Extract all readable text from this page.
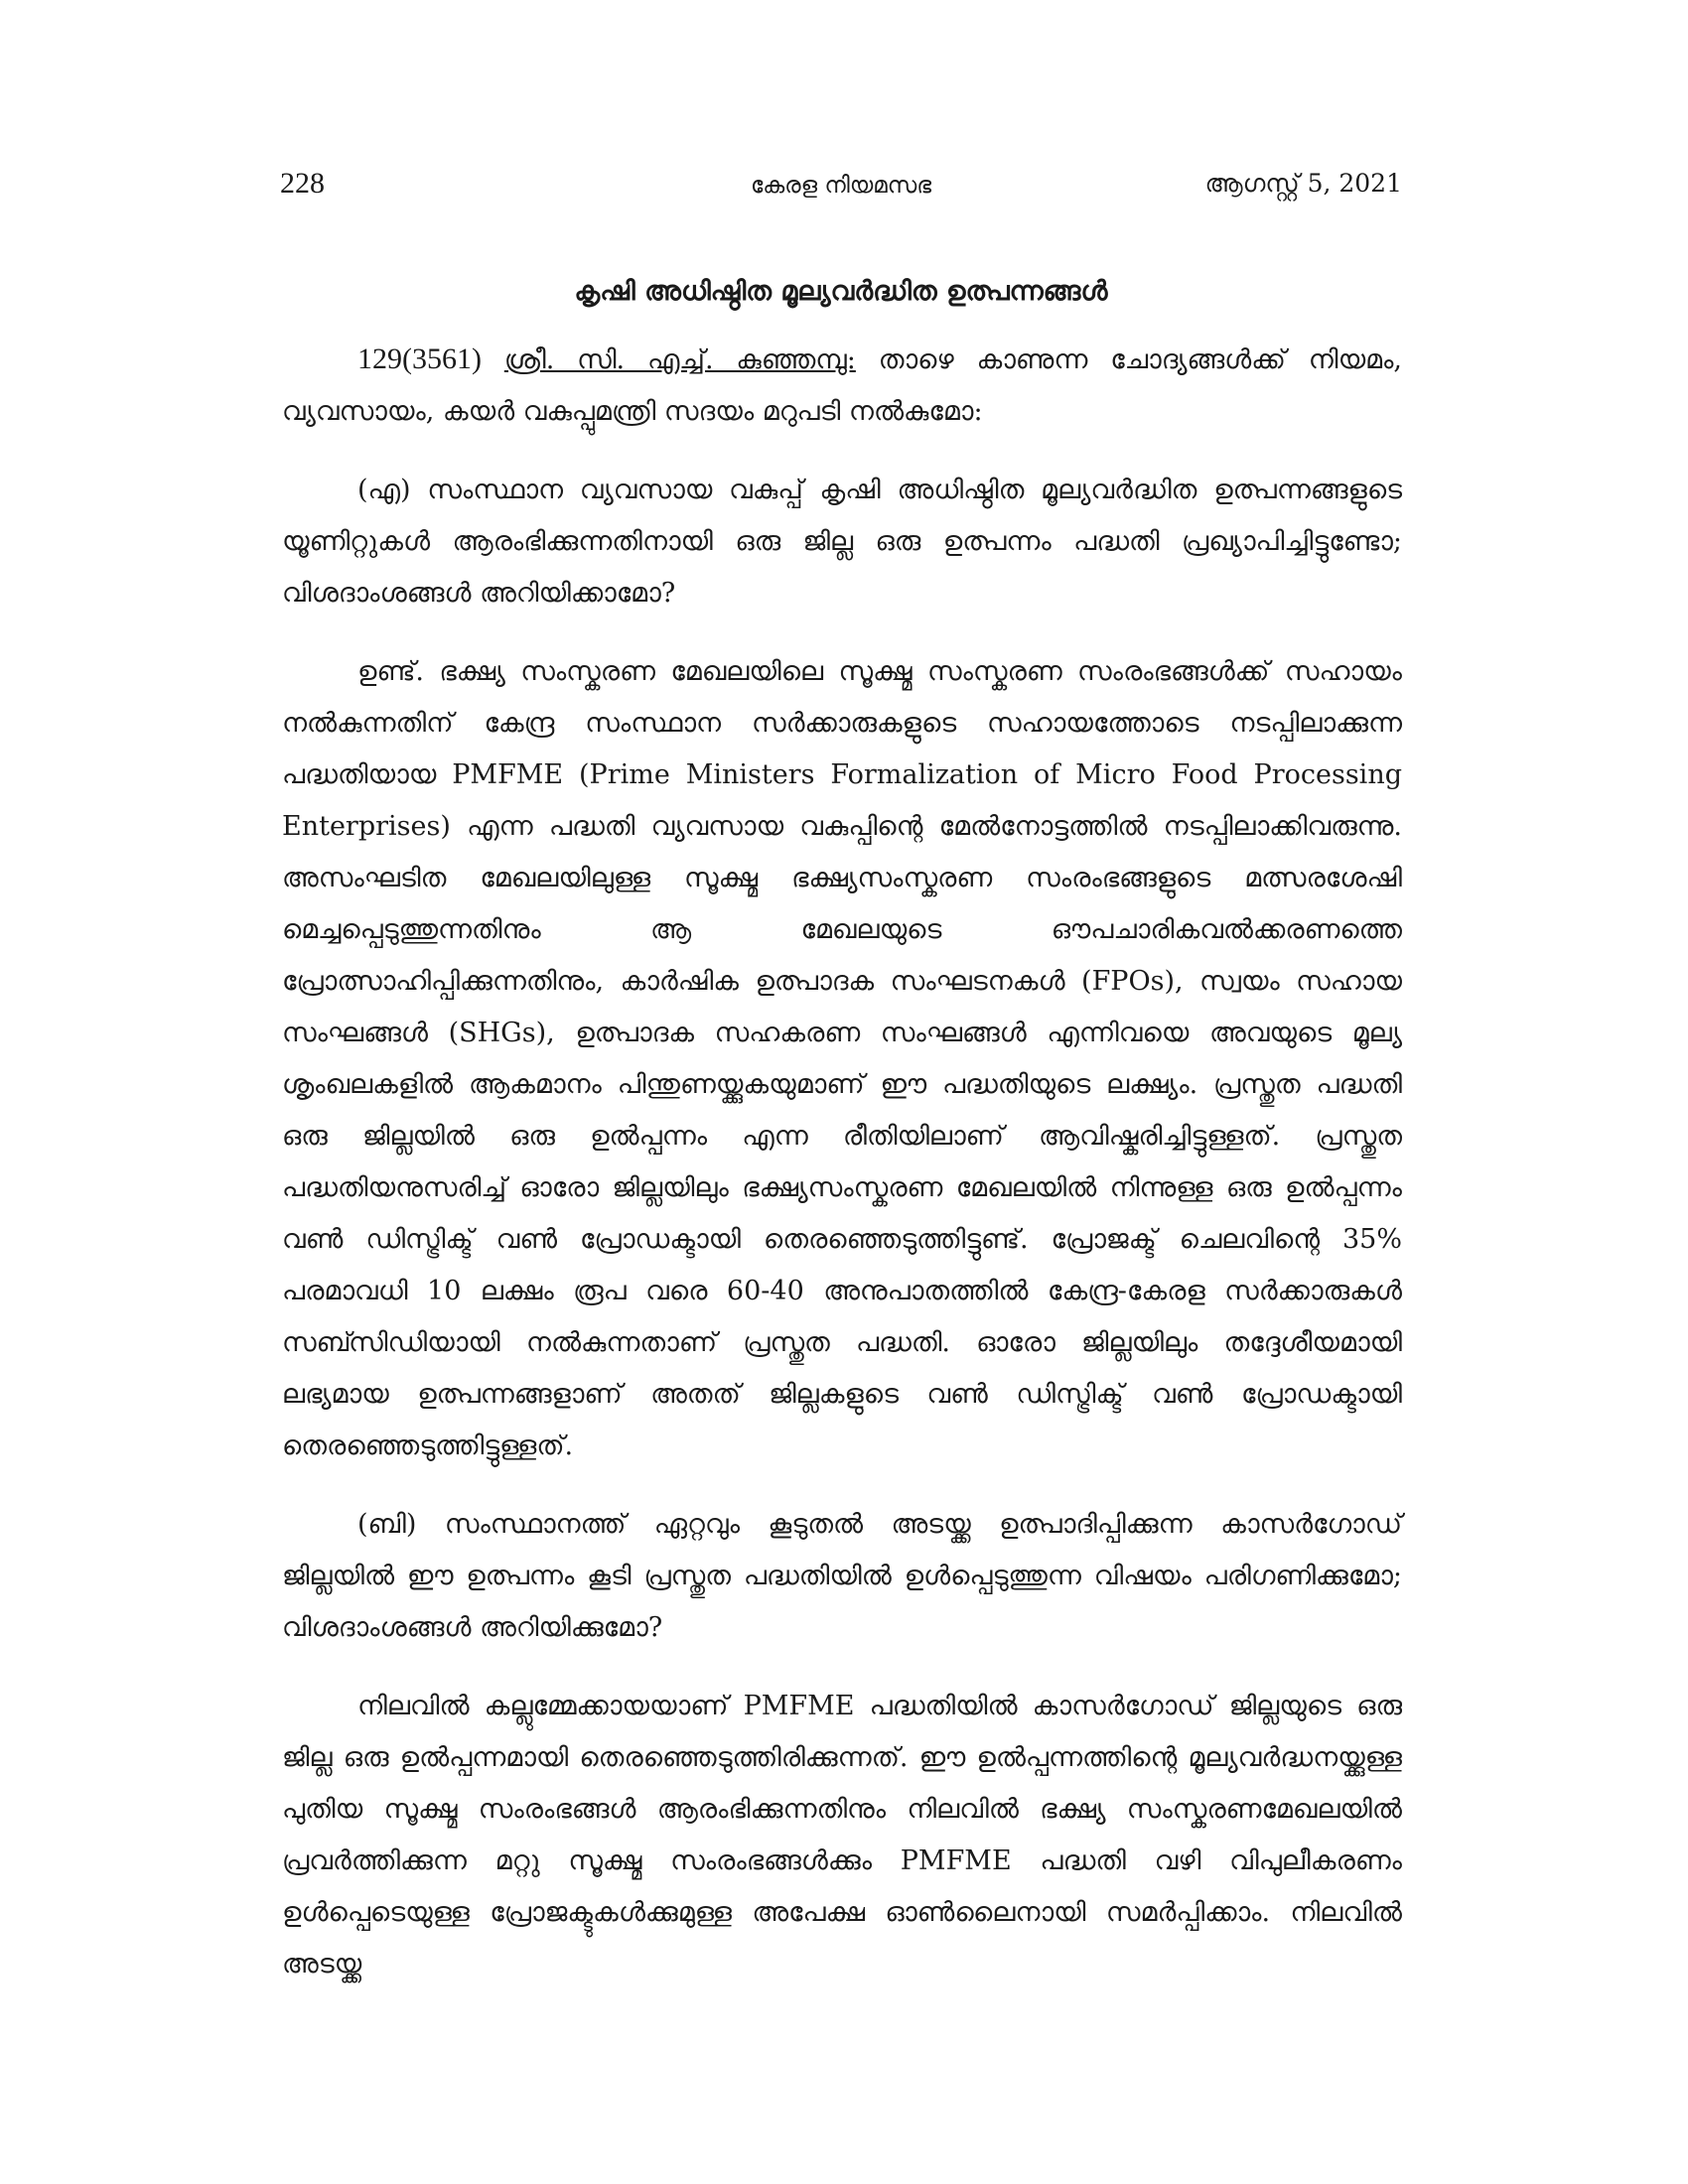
228	കേരള നിയമസഭ	ആഗസ്റ്റ് 5, 2021
കൃഷി അധിഷ്ഠിത മൂല്യവർദ്ധിത ഉത്പന്നങ്ങൾ

129(3561) ശ്രീ. സി. എച്ച്. കുഞ്ഞമ്പു: താഴെ കാണുന്ന ചോദ്യങ്ങൾക്ക് നിയമം, വ്യവസായം, കയർ വകുപ്പുമന്ത്രി സദയം മറുപടി നൽകുമോ:

(എ) സംസ്ഥാന വ്യവസായ വകുപ്പ് കൃഷി അധിഷ്ഠിത മൂല്യവർദ്ധിത ഉത്പന്നങ്ങളുടെ യൂണിറ്റുകൾ ആരംഭിക്കുന്നതിനായി ഒരു ജില്ല ഒരു ഉത്പന്നം പദ്ധതി പ്രഖ്യാപിച്ചിട്ടുണ്ടോ; വിശദാംശങ്ങൾ അറിയിക്കാമോ?

ഉണ്ട്. ഭക്ഷ്യ സംസ്കരണ മേഖലയിലെ സൂക്ഷ്മ സംസ്കരണ സംരംഭങ്ങൾക്ക് സഹായം നൽകുന്നതിന് കേന്ദ്ര സംസ്ഥാന സർക്കാരുകളുടെ സഹായത്തോടെ നടപ്പിലാക്കുന്ന പദ്ധതിയായ PMFME (Prime Ministers Formalization of Micro Food Processing Enterprises) എന്ന പദ്ധതി വ്യവസായ വകുപ്പിന്റെ മേൽനോട്ടത്തിൽ നടപ്പിലാക്കിവരുന്നു. അസംഘടിത മേഖലയിലുള്ള സൂക്ഷ്മ ഭക്ഷ്യസംസ്കരണ സംരംഭങ്ങളുടെ മത്സരശേഷി മെച്ചപ്പെടുത്തുന്നതിനും ആ മേഖലയുടെ ഔപചാരികവൽക്കരണത്തെ പ്രോത്സാഹിപ്പിക്കുന്നതിനും, കാർഷിക ഉത്പാദക സംഘടനകൾ (FPOs), സ്വയം സഹായ സംഘങ്ങൾ (SHGs), ഉത്പാദക സഹകരണ സംഘങ്ങൾ എന്നിവയെ അവയുടെ മൂല്യ ശൃംഖലകളിൽ ആകമാനം പിന്തുണയ്ക്കുകയുമാണ് ഈ പദ്ധതിയുടെ ലക്ഷ്യം. പ്രസ്തുത പദ്ധതി ഒരു ജില്ലയിൽ ഒരു ഉൽപ്പന്നം എന്ന രീതിയിലാണ് ആവിഷ്കരിച്ചിട്ടുള്ളത്. പ്രസ്തുത പദ്ധതിയനുസരിച്ച് ഓരോ ജില്ലയിലും ഭക്ഷ്യസംസ്കരണ മേഖലയിൽ നിന്നുള്ള ഒരു ഉൽപ്പന്നം വൺ ഡിസ്ട്രിക്ട് വൺ പ്രോഡക്ടായി തെരഞ്ഞെടുത്തിട്ടുണ്ട്. പ്രോജക്ട് ചെലവിന്റെ 35% പരമാവധി 10 ലക്ഷം രൂപ വരെ 60-40 അനുപാതത്തിൽ കേന്ദ്ര-കേരള സർക്കാരുകൾ സബ്സിഡിയായി നൽകുന്നതാണ് പ്രസ്തുത പദ്ധതി. ഓരോ ജില്ലയിലും തദ്ദേശീയമായി ലഭ്യമായ ഉത്പന്നങ്ങളാണ് അതത് ജില്ലകളുടെ വൺ ഡിസ്ട്രിക്ട് വൺ പ്രോഡക്ടായി തെരഞ്ഞെടുത്തിട്ടുള്ളത്.

(ബി) സംസ്ഥാനത്ത് ഏറ്റവും കൂടുതൽ അടയ്ക്ക ഉത്പാദിപ്പിക്കുന്ന കാസർഗോഡ് ജില്ലയിൽ ഈ ഉത്പന്നം കൂടി പ്രസ്തുത പദ്ധതിയിൽ ഉൾപ്പെടുത്തുന്ന വിഷയം പരിഗണിക്കുമോ; വിശദാംശങ്ങൾ അറിയിക്കുമോ?

നിലവിൽ കല്ലുമ്മേക്കായയാണ് PMFME പദ്ധതിയിൽ കാസർഗോഡ് ജില്ലയുടെ ഒരു ജില്ല ഒരു ഉൽപ്പന്നമായി തെരഞ്ഞെടുത്തിരിക്കുന്നത്. ഈ ഉൽപ്പന്നത്തിന്റെ മൂല്യവർദ്ധനയ്ക്കുള്ള പുതിയ സൂക്ഷ്മ സംരംഭങ്ങൾ ആരംഭിക്കുന്നതിനും നിലവിൽ ഭക്ഷ്യ സംസ്കരണമേഖലയിൽ പ്രവർത്തിക്കുന്ന മറ്റു സൂക്ഷ്മ സംരംഭങ്ങൾക്കും PMFME പദ്ധതി വഴി വിപുലീകരണം ഉൾപ്പെടെയുള്ള പ്രോജക്ടുകൾക്കുമുള്ള അപേക്ഷ ഓൺലൈനായി സമർപ്പിക്കാം. നിലവിൽ അടയ്ക്ക
